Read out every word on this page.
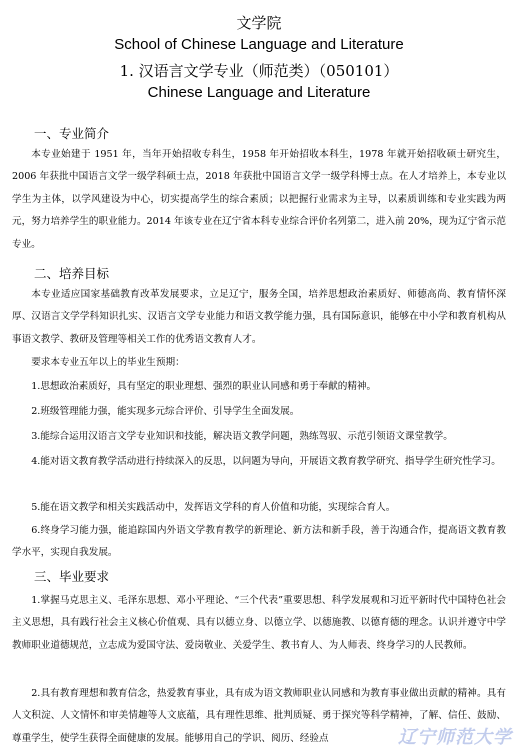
文学院
School of Chinese Language and Literature
1. 汉语言文学专业（师范类）（050101）
Chinese Language and Literature
一、专业简介
本专业始建于 1951 年，当年开始招收专科生，1958 年开始招收本科生，1978 年就开始招收硕士研究生，2006 年获批中国语言文学一级学科硕士点，2018 年获批中国语言文学一级学科博士点。在人才培养上，本专业以学生为主体，以学风建设为中心，切实提高学生的综合素质；以把握行业需求为主导，以素质训练和专业实践为两元，努力培养学生的职业能力。2014 年该专业在辽宁省本科专业综合评价名列第二，进入前 20%，现为辽宁省示范专业。
二、培养目标
本专业适应国家基础教育改革发展要求，立足辽宁，服务全国，培养思想政治素质好、师德高尚、教育情怀深厚、汉语言文学学科知识扎实、汉语言文学专业能力和语文教学能力强，具有国际意识，能够在中小学和教育机构从事语文教学、教研及管理等相关工作的优秀语文教育人才。
要求本专业五年以上的毕业生预期：
1.思想政治素质好，具有坚定的职业理想、强烈的职业认同感和勇于奉献的精神。
2.班级管理能力强，能实现多元综合评价、引导学生全面发展。
3.能综合运用汉语言文学专业知识和技能，解决语文教学问题，熟练驾驭、示范引领语文课堂教学。
4.能对语文教育教学活动进行持续深入的反思，以问题为导向，开展语文教育教学研究、指导学生研究性学习。
5.能在语文教学和相关实践活动中，发挥语文学科的育人价值和功能，实现综合育人。
6.终身学习能力强，能追踪国内外语文学教育教学的新理论、新方法和新手段，善于沟通合作，提高语文教育教学水平，实现自我发展。
三、毕业要求
1.掌握马克思主义、毛泽东思想、邓小平理论、“三个代表”重要思想、科学发展观和习近平新时代中国特色社会主义思想，具有践行社会主义核心价值观、具有以德立身、以德立学、以德施教、以德育德的理念。认识并遵守中学教师职业道德规范，立志成为爱国守法、爱岗敬业、关爱学生、教书育人、为人师表、终身学习的人民教师。
2.具有教育理想和教育信念，热爱教育事业，具有成为语文教师职业认同感和为教育事业做出贡献的精神。具有人文积淀、人文情怀和审美情趣等人文底蕴，具有理性思维、批判质疑、勇于探究等科学精神，了解、信任、鼓励、尊重学生，使学生获得全面健康的发展。能够用自己的学识、阅历、经验点	辽宁师范大学
